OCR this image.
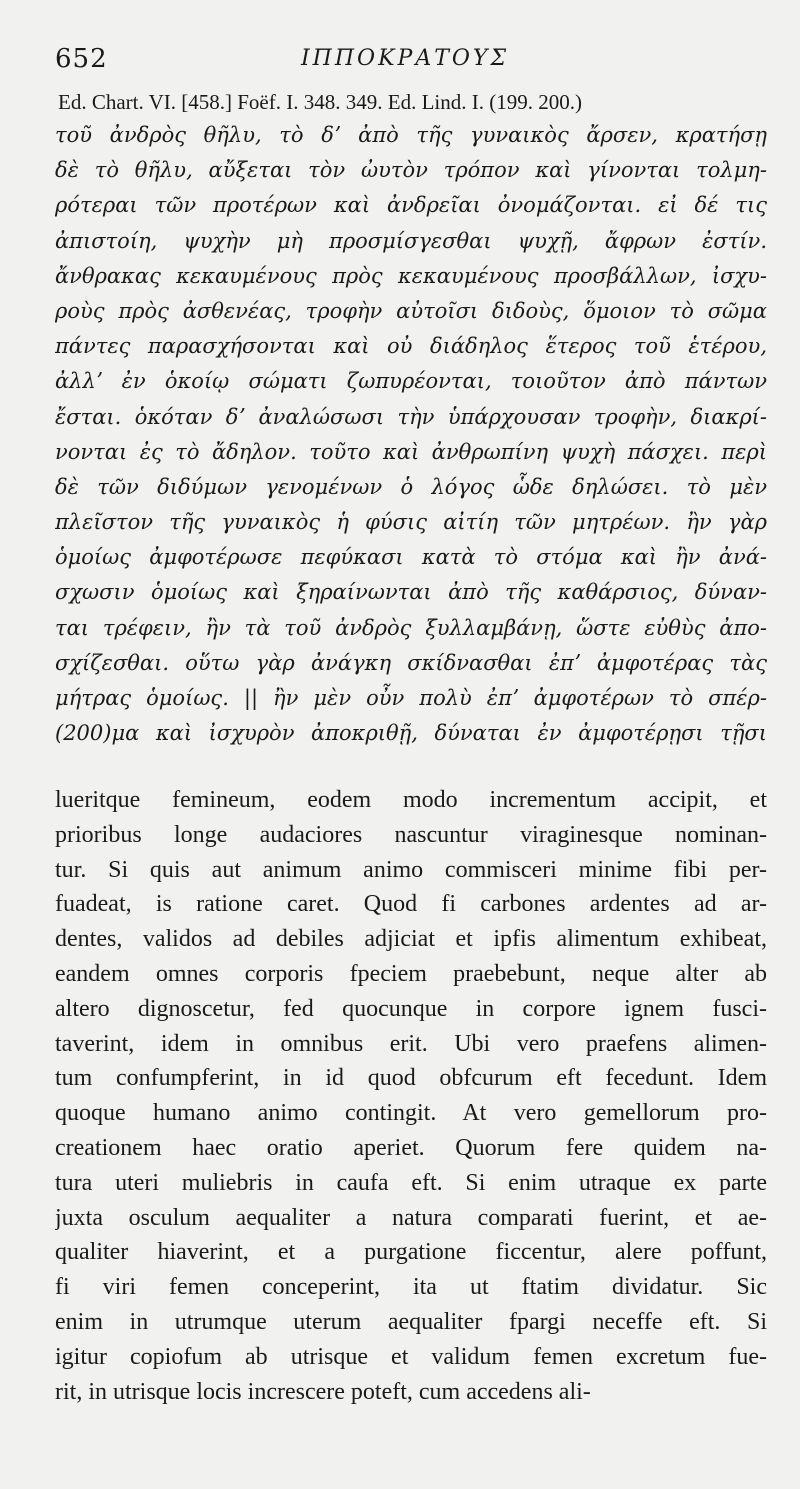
652	ΙΠΠΟΚΡΑΤΟΥΣ
Ed. Chart. VI. [458.] Foëf. I. 348. 349. Ed. Lind. I. (199. 200.)
τοῦ ἀνδρὸς θῆλυ, τὸ δʼ ἀπὸ τῆς γυναικὸς ἄρσεν, κρατήσῃ
δὲ τὸ θῆλυ, αὔξεται τὸν ὠυτὸν τρόπον καὶ γίνονται τολμη-
ρότεραι τῶν προτέρων καὶ ἀνδρεῖαι ὀνομάζονται. εἰ δέ τις
ἀπιστοίη, ψυχὴν μὴ προσμίσγεσθαι ψυχῇ, ἄφρων ἐστίν.
ἄνθρακας κεκαυμένους πρὸς κεκαυμένους προσβάλλων, ἰσχυ-
ροὺς πρὸς ἀσθενέας, τροφὴν αὐτοῖσι διδοὺς, ὅμοιον τὸ σῶμα
πάντες παρασχήσονται καὶ οὐ διάδηλος ἕτερος τοῦ ἑτέρου,
ἀλλʼ ἐν ὁκοίῳ σώματι ζωπυρέονται, τοιοῦτον ἀπὸ πάντων
ἔσται. ὁκόταν δʼ ἀναλώσωσι τὴν ὑπάρχουσαν τροφὴν, διακρί-
νονται ἐς τὸ ἄδηλον. τοῦτο καὶ ἀνθρωπίνη ψυχὴ πάσχει. περὶ
δὲ τῶν διδύμων γενομένων ὁ λόγος ὧδε δηλώσει. τὸ μὲν
πλεῖστον τῆς γυναικὸς ἡ φύσις αἰτίη τῶν μητρέων. ἢν γὰρ
ὁμοίως ἀμφοτέρωσε πεφύκασι κατὰ τὸ στόμα καὶ ἢν ἀνά-
σχωσιν ὁμοίως καὶ ξηραίνωνται ἀπὸ τῆς καθάρσιος, δύναν-
ται τρέφειν, ἢν τὰ τοῦ ἀνδρὸς ξυλλαμβάνῃ, ὥστε εὐθὺς ἀπο-
σχίζεσθαι. οὕτω γὰρ ἀνάγκη σκίδνασθαι ἐπʼ ἀμφοτέρας τὰς
μήτρας ὁμοίως. || ἢν μὲν οὖν πολὺ ἐπʼ ἀμφοτέρων τὸ σπέρ-
(200)μα καὶ ἰσχυρὸν ἀποκριθῇ, δύναται ἐν ἀμφοτέρῃσι τῇσι
lueritque femineum, eodem modo incrementum accipit, et
prioribus longe audaciores nascuntur viraginesque nominan-
tur. Si quis aut animum animo commisceri minime fibi per-
fuadeat, is ratione caret. Quod fi carbones ardentes ad ar-
dentes, validos ad debiles adjiciat et ipfis alimentum exhibeat,
eandem omnes corporis fpeciem praebebunt, neque alter ab
altero dignoscetur, fed quocunque in corpore ignem fusci-
taverint, idem in omnibus erit. Ubi vero praefens alimen-
tum confumpferint, in id quod obfcurum eft fecedunt. Idem
quoque humano animo contingit. At vero gemellorum pro-
creationem haec oratio aperiet. Quorum fere quidem na-
tura uteri muliebris in caufa eft. Si enim utraque ex parte
juxta osculum aequaliter a natura comparati fuerint, et ae-
qualiter hiaverint, et a purgatione ficcentur, alere poffunt,
fi viri femen conceperint, ita ut ftatim dividatur. Sic
enim in utrumque uterum aequaliter fpargi neceffe eft. Si
igitur copiofum ab utrisque et validum femen excretum fue-
rit, in utrisque locis increscere poteft, cum accedens ali-
